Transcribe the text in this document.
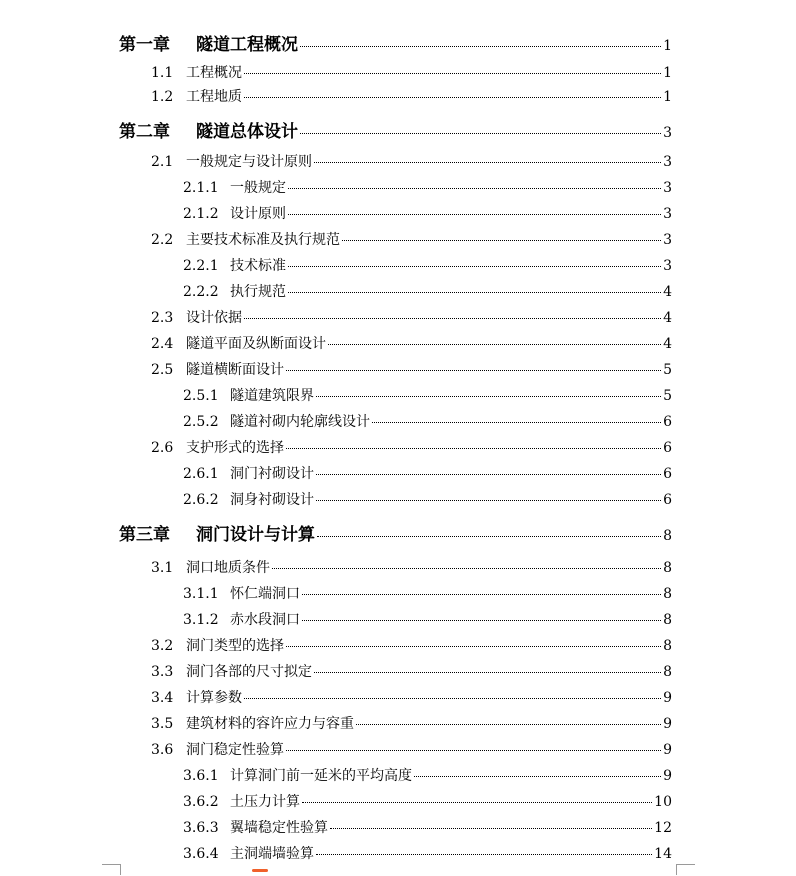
第一章	隧道工程概况	1
1.1 工程概况	1
1.2 工程地质	1
第二章	隧道总体设计	3
2.1 一般规定与设计原则	3
2.1.1 一般规定	3
2.1.2 设计原则	3
2.2 主要技术标准及执行规范	3
2.2.1 技术标准	3
2.2.2 执行规范	4
2.3 设计依据	4
2.4 隧道平面及纵断面设计	4
2.5 隧道横断面设计	5
2.5.1 隧道建筑限界	5
2.5.2 隧道衬砌内轮廓线设计	6
2.6 支护形式的选择	6
2.6.1 洞门衬砌设计	6
2.6.2 洞身衬砌设计	6
第三章	洞门设计与计算	8
3.1 洞口地质条件	8
3.1.1 怀仁端洞口	8
3.1.2 赤水段洞口	8
3.2 洞门类型的选择	8
3.3 洞门各部的尺寸拟定	8
3.4 计算参数	9
3.5 建筑材料的容许应力与容重	9
3.6 洞门稳定性验算	9
3.6.1 计算洞门前一延米的平均高度	9
3.6.2 土压力计算	10
3.6.3 翼墙稳定性验算	12
3.6.4 主洞端墙验算	14
